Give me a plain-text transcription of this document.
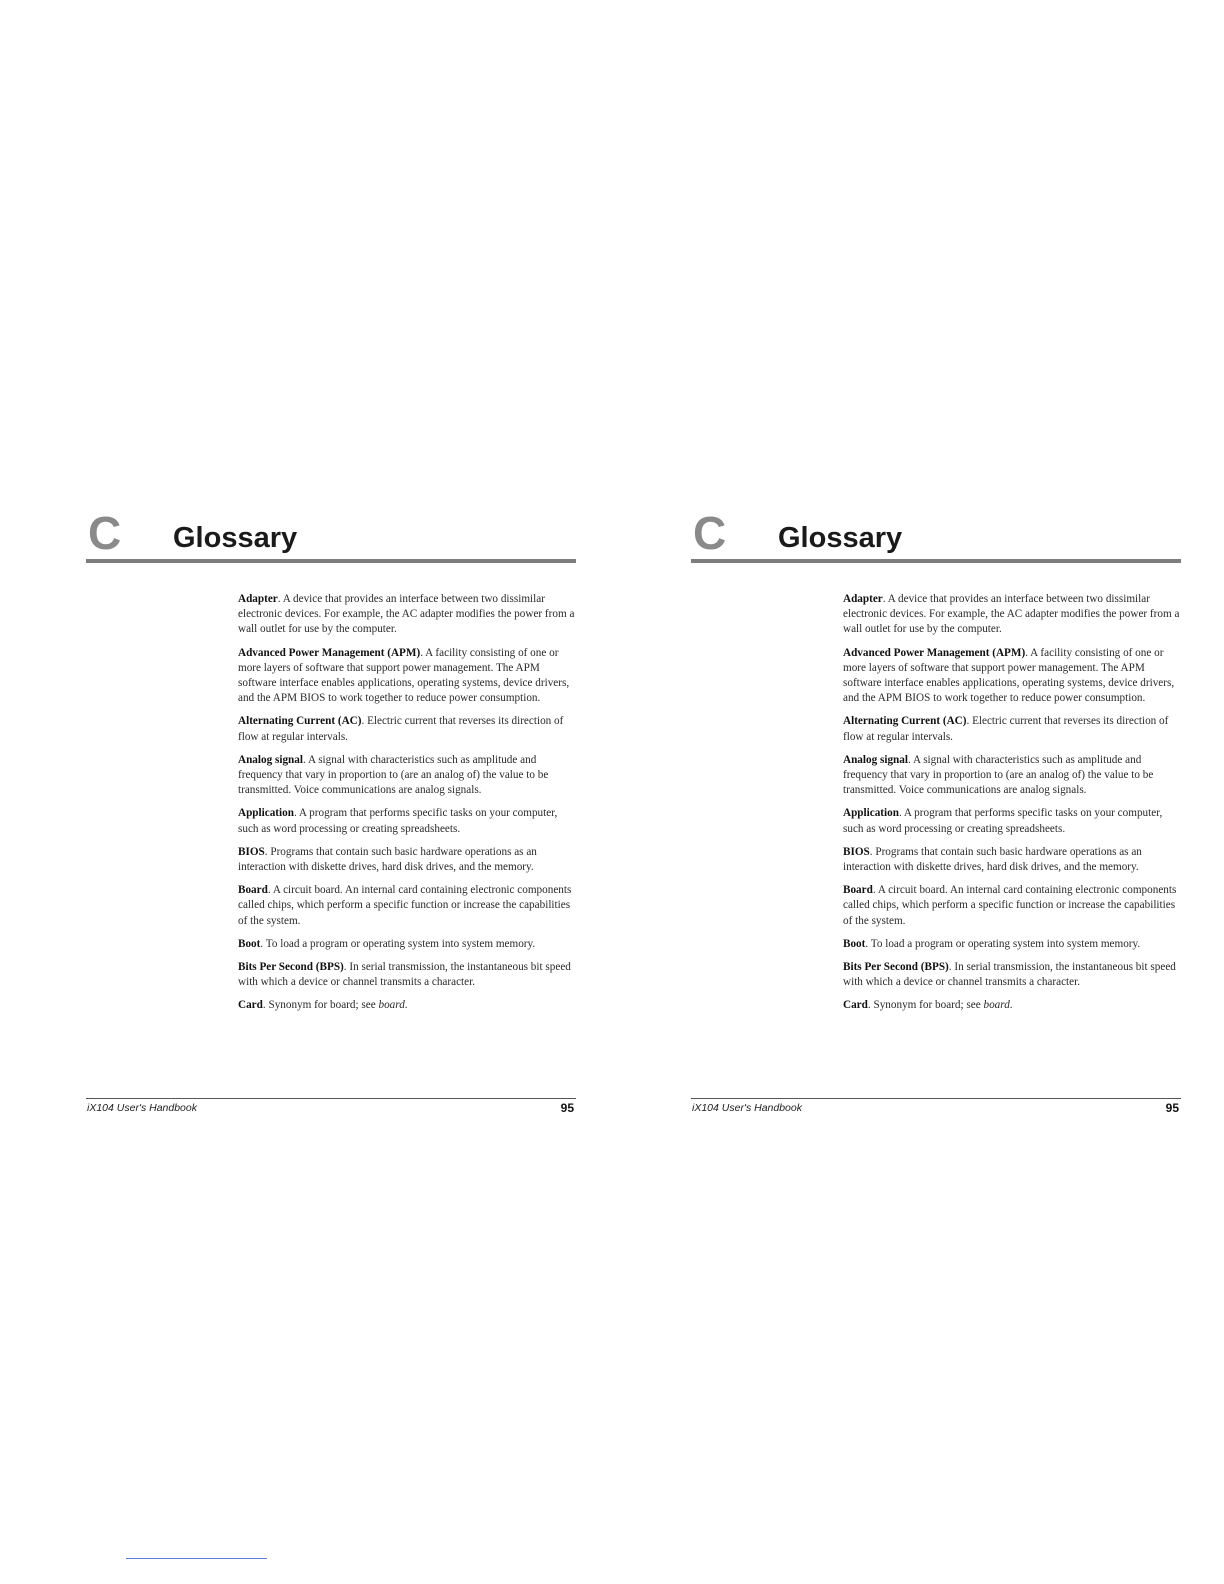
C Glossary

Adapter. A device that provides an interface between two dissimilar electronic devices. For example, the AC adapter modifies the power from a wall outlet for use by the computer.

Advanced Power Management (APM). A facility consisting of one or more layers of software that support power management. The APM software interface enables applications, operating systems, device drivers, and the APM BIOS to work together to reduce power consumption.

Alternating Current (AC). Electric current that reverses its direction of flow at regular intervals.

Analog signal. A signal with characteristics such as amplitude and frequency that vary in proportion to (are an analog of) the value to be transmitted. Voice communications are analog signals.

Application. A program that performs specific tasks on your computer, such as word processing or creating spreadsheets.

BIOS. Programs that contain such basic hardware operations as an interaction with diskette drives, hard disk drives, and the memory.

Board. A circuit board. An internal card containing electronic components called chips, which perform a specific function or increase the capabilities of the system.

Boot. To load a program or operating system into system memory.

Bits Per Second (BPS). In serial transmission, the instantaneous bit speed with which a device or channel transmits a character.

Card. Synonym for board; see board.

iX104 User's Handbook	95
C Glossary

Adapter. A device that provides an interface between two dissimilar electronic devices. For example, the AC adapter modifies the power from a wall outlet for use by the computer.

Advanced Power Management (APM). A facility consisting of one or more layers of software that support power management. The APM software interface enables applications, operating systems, device drivers, and the APM BIOS to work together to reduce power consumption.

Alternating Current (AC). Electric current that reverses its direction of flow at regular intervals.

Analog signal. A signal with characteristics such as amplitude and frequency that vary in proportion to (are an analog of) the value to be transmitted. Voice communications are analog signals.

Application. A program that performs specific tasks on your computer, such as word processing or creating spreadsheets.

BIOS. Programs that contain such basic hardware operations as an interaction with diskette drives, hard disk drives, and the memory.

Board. A circuit board. An internal card containing electronic components called chips, which perform a specific function or increase the capabilities of the system.

Boot. To load a program or operating system into system memory.

Bits Per Second (BPS). In serial transmission, the instantaneous bit speed with which a device or channel transmits a character.

Card. Synonym for board; see board.

iX104 User's Handbook	95
